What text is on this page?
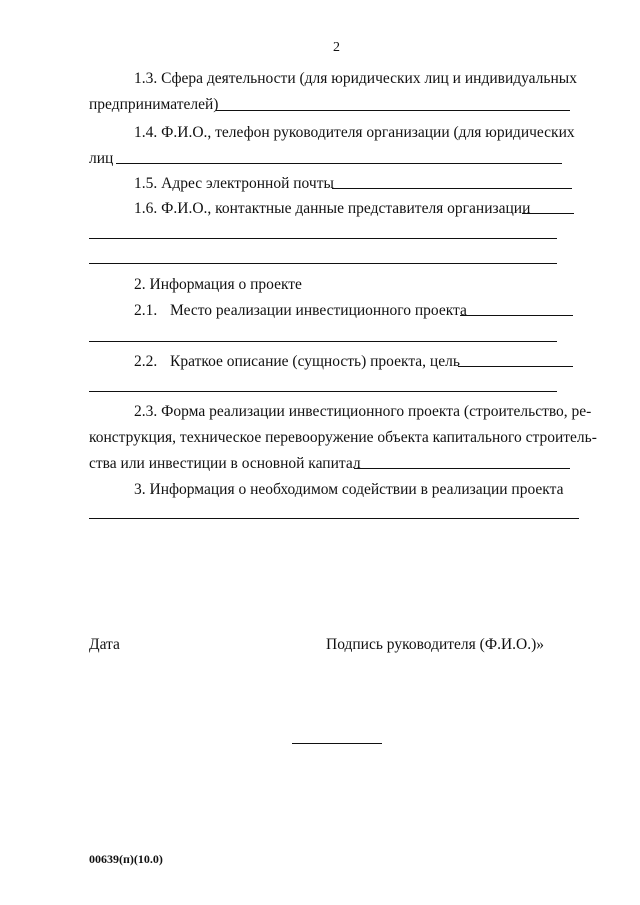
2
1.3. Сфера деятельности (для юридических лиц и индивидуальных
предпринимателей)
1.4. Ф.И.О., телефон руководителя организации (для юридических
лиц
1.5. Адрес электронной почты
1.6. Ф.И.О., контактные данные представителя организации
2. Информация о проекте
2.1. Место реализации инвестиционного проекта
2.2. Краткое описание (сущность) проекта, цель
2.3. Форма реализации инвестиционного проекта (строительство, ре-
конструкция, техническое перевооружение объекта капитального строитель-
ства или инвестиции в основной капитал
3. Информация о необходимом содействии в реализации проекта
Дата	Подпись руководителя (Ф.И.О.)»
00639(п)(10.0)
